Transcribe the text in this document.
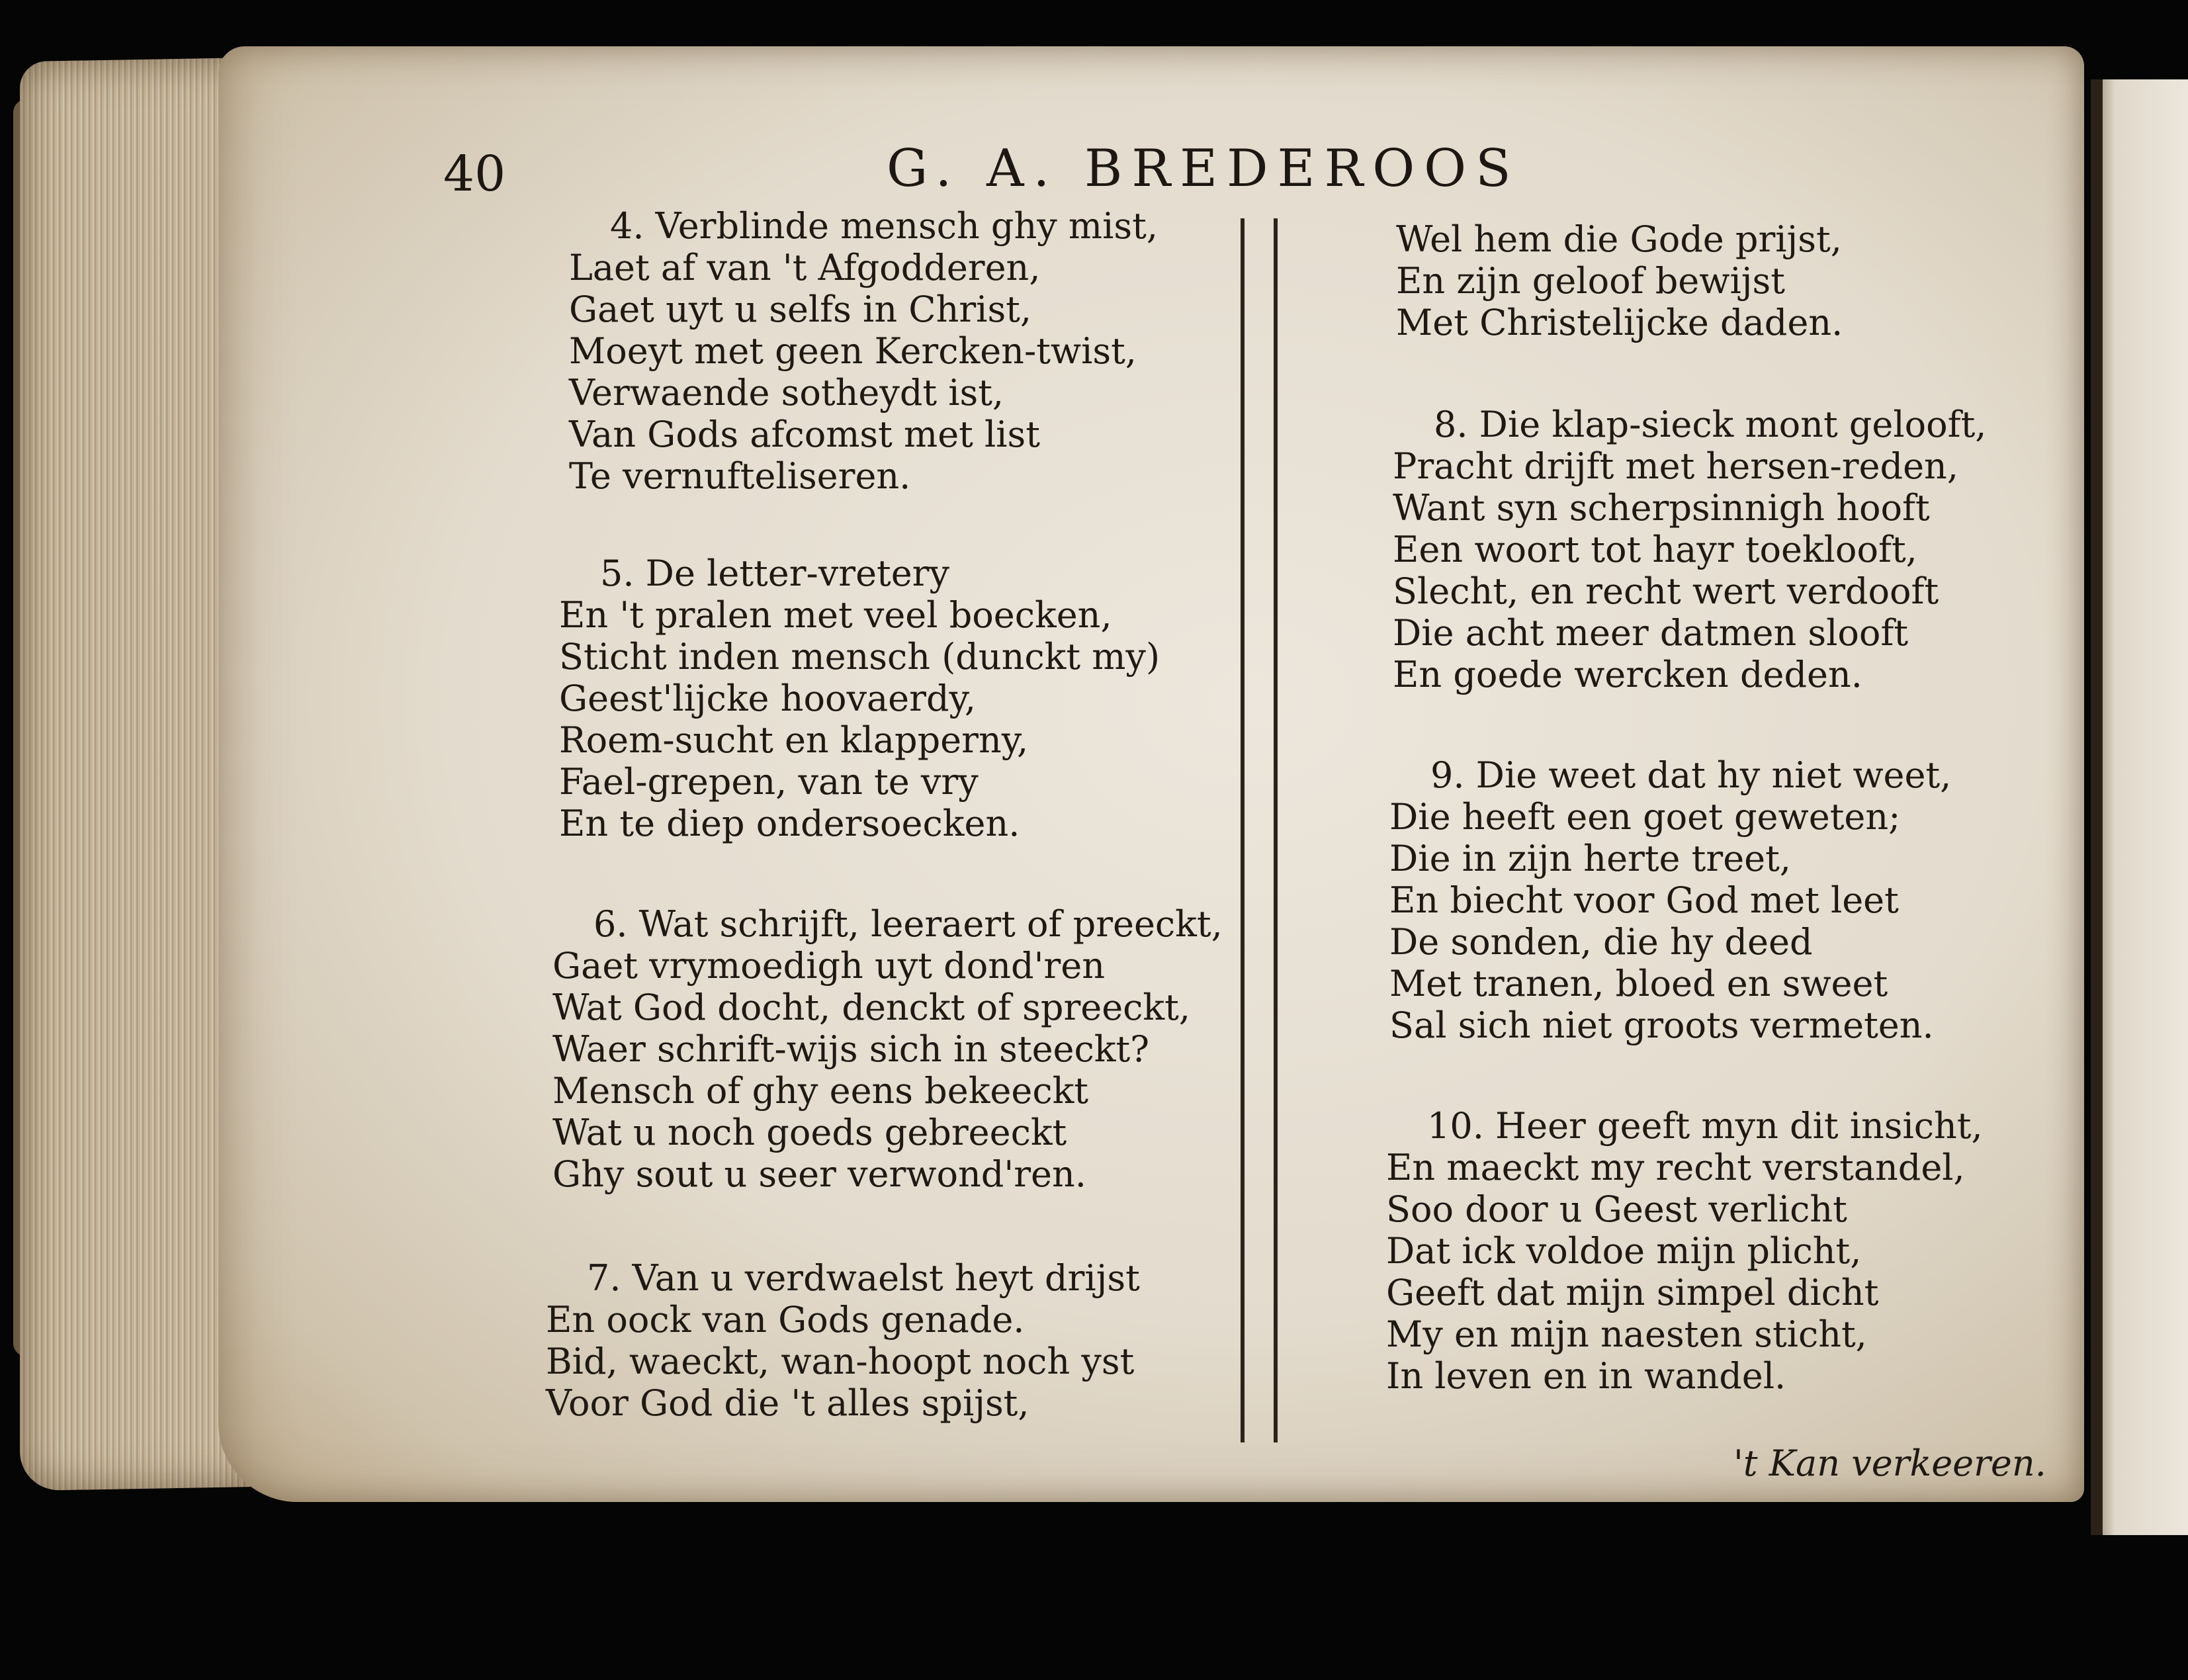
40	G. A. BREDEROOS
4. Verblinde mensch ghy mist,
Laet af van 't Afgodderen,
Gaet uyt u selfs in Christ,
Moeyt met geen Kercken-twist,
Verwaende sotheydt ist,
Van Gods afcomst met list
Te vernuftelisеren.
5. De letter-vretery
En 't pralen met veel boecken,
Sticht inden mensch (dunckt my)
Geest'lijcke hoovaerdy,
Roem-sucht en klapperny,
Fael-grepen, van te vry
En te diep ondersoecken.
6. Wat schrijft, leeraert of preeckt,
Gaet vrymoedigh uyt dond'ren
Wat God docht, denckt of spreeckt,
Waer schrift-wijs sich in steeckt?
Mensch of ghy eens bekeeckt
Wat u noch goeds gebreeckt
Ghy sout u seer verwond'ren.
7. Van u verdwaelst heyt drijst
En oock van Gods genade.
Bid, waeckt, wan-hoopt noch yst
Voor God die 't alles spijst,
Wel hem die Gode prijst,
En zijn geloof bewijst
Met Christelijcke daden.
8. Die klap-sieck mont gelooft,
Pracht drijft met hersen-reden,
Want syn scherpsinnigh hooft
Een woort tot hayr toeklooft,
Slecht, en recht wert verdooft
Die acht meer datmen slooft
En goede wercken deden.
9. Die weet dat hy niet weet,
Die heeft een goet geweten;
Die in zijn herte treet,
En biecht voor God met leet
De sonden, die hy deed
Met tranen, bloed en sweet
Sal sich niet groots vermeten.
10. Heer geeft myn dit insicht,
En maeckt my recht verstandel,
Soo door u Geest verlicht
Dat ick voldoe mijn plicht,
Geeft dat mijn simpel dicht
My en mijn naesten sticht,
In leven en in wandel.
't Kan verkeeren.
